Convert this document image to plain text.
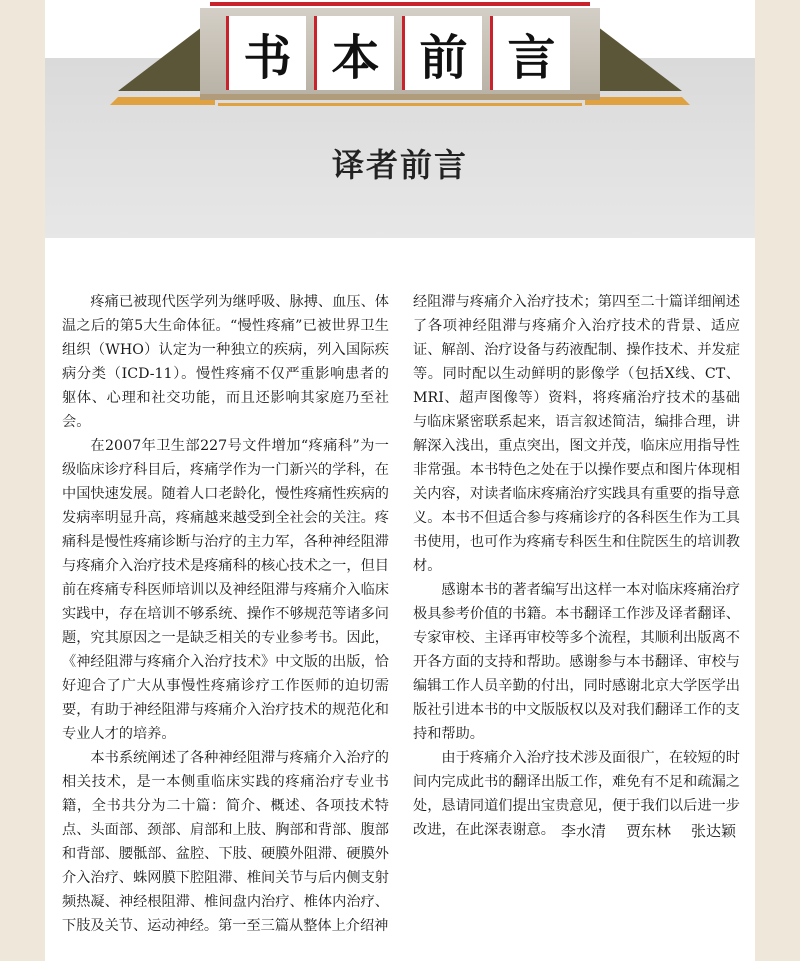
书 本 前 言
译者前言

疼痛已被现代医学列为继呼吸、脉搏、血压、体温之后的第5大生命体征。“慢性疼痛”已被世界卫生组织（WHO）认定为一种独立的疾病，列入国际疾病分类（ICD-11）。慢性疼痛不仅严重影响患者的躯体、心理和社交功能，而且还影响其家庭乃至社会。

在2007年卫生部227号文件增加“疼痛科”为一级临床诊疗科目后，疼痛学作为一门新兴的学科，在中国快速发展。随着人口老龄化，慢性疼痛性疾病的发病率明显升高，疼痛越来越受到全社会的关注。疼痛科是慢性疼痛诊断与治疗的主力军，各种神经阻滞与疼痛介入治疗技术是疼痛科的核心技术之一，但目前在疼痛专科医师培训以及神经阻滞与疼痛介入临床实践中，存在培训不够系统、操作不够规范等诸多问题，究其原因之一是缺乏相关的专业参考书。因此，《神经阻滞与疼痛介入治疗技术》中文版的出版，恰好迎合了广大从事慢性疼痛诊疗工作医师的迫切需要，有助于神经阻滞与疼痛介入治疗技术的规范化和专业人才的培养。

本书系统阐述了各种神经阻滞与疼痛介入治疗的相关技术，是一本侧重临床实践的疼痛治疗专业书籍，全书共分为二十篇：简介、概述、各项技术特点、头面部、颈部、肩部和上肢、胸部和背部、腹部和背部、腰骶部、盆腔、下肢、硬膜外阻滞、硬膜外介入治疗、蛛网膜下腔阻滞、椎间关节与后内侧支射频热凝、神经根阻滞、椎间盘内治疗、椎体内治疗、下肢及关节、运动神经。第一至三篇从整体上介绍神

经阻滞与疼痛介入治疗技术；第四至二十篇详细阐述了各项神经阻滞与疼痛介入治疗技术的背景、适应证、解剖、治疗设备与药液配制、操作技术、并发症等。同时配以生动鲜明的影像学（包括X线、CT、MRI、超声图像等）资料，将疼痛治疗技术的基础与临床紧密联系起来，语言叙述简洁，编排合理，讲解深入浅出，重点突出，图文并茂，临床应用指导性非常强。本书特色之处在于以操作要点和图片体现相关内容，对读者临床疼痛治疗实践具有重要的指导意义。本书不但适合参与疼痛诊疗的各科医生作为工具书使用，也可作为疼痛专科医生和住院医生的培训教材。

感谢本书的著者编写出这样一本对临床疼痛治疗极具参考价值的书籍。本书翻译工作涉及译者翻译、专家审校、主译再审校等多个流程，其顺利出版离不开各方面的支持和帮助。感谢参与本书翻译、审校与编辑工作人员辛勤的付出，同时感谢北京大学医学出版社引进本书的中文版版权以及对我们翻译工作的支持和帮助。

由于疼痛介入治疗技术涉及面很广，在较短的时间内完成此书的翻译出版工作，难免有不足和疏漏之处，恳请同道们提出宝贵意见，便于我们以后进一步改进，在此深表谢意。 李水清 贾东林 张达颖
